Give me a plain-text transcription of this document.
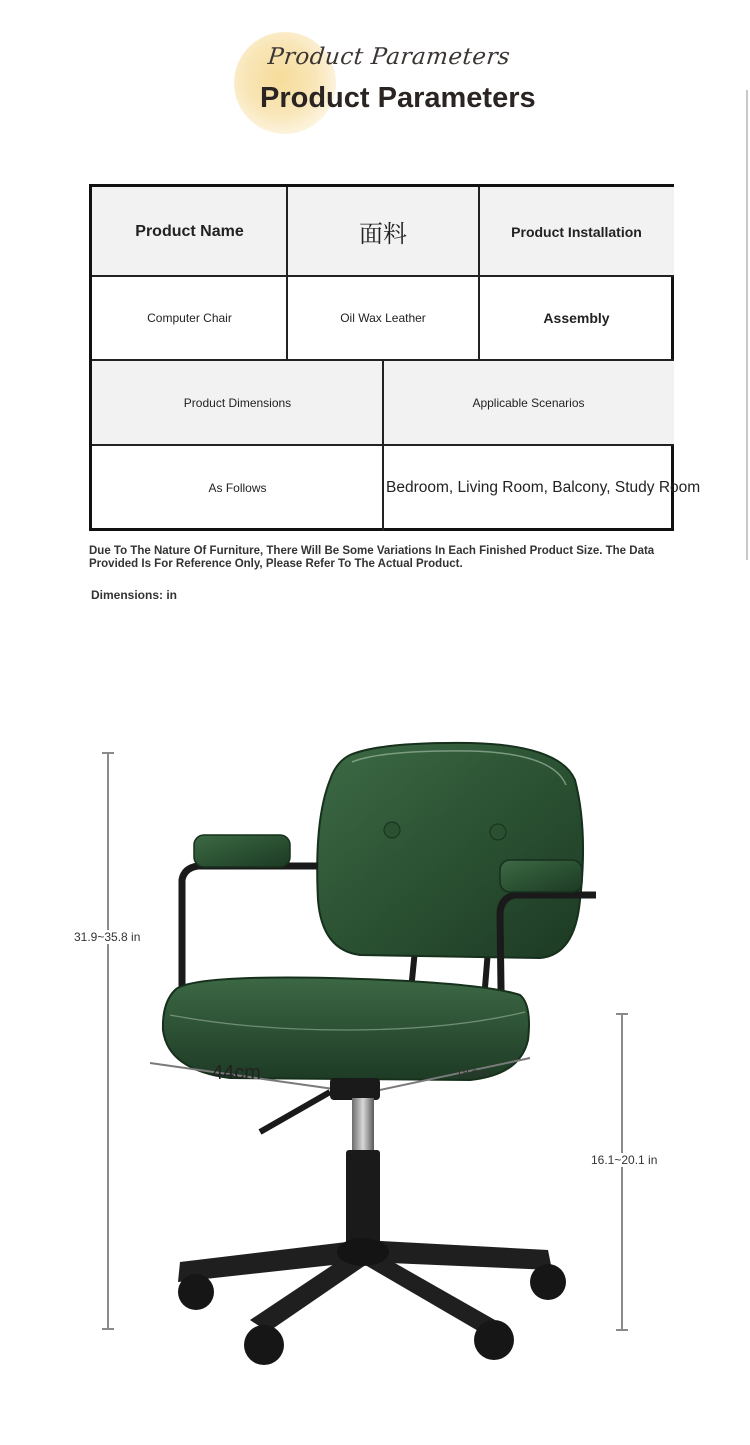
Product Parameters
Product Parameters
Product Name	面料	Product Installation
Computer Chair	Oil Wax Leather	Assembly
Product Dimensions	Applicable Scenarios
As Follows	Bedroom, Living Room, Balcony, Study Room
Due To The Nature Of Furniture, There Will Be Some Variations In Each Finished Product Size. The Data Provided Is For Reference Only, Please Refer To The Actual Product.
Dimensions: in
31.9~35.8 in
16.1~20.1 in
44cm	18.9 in
